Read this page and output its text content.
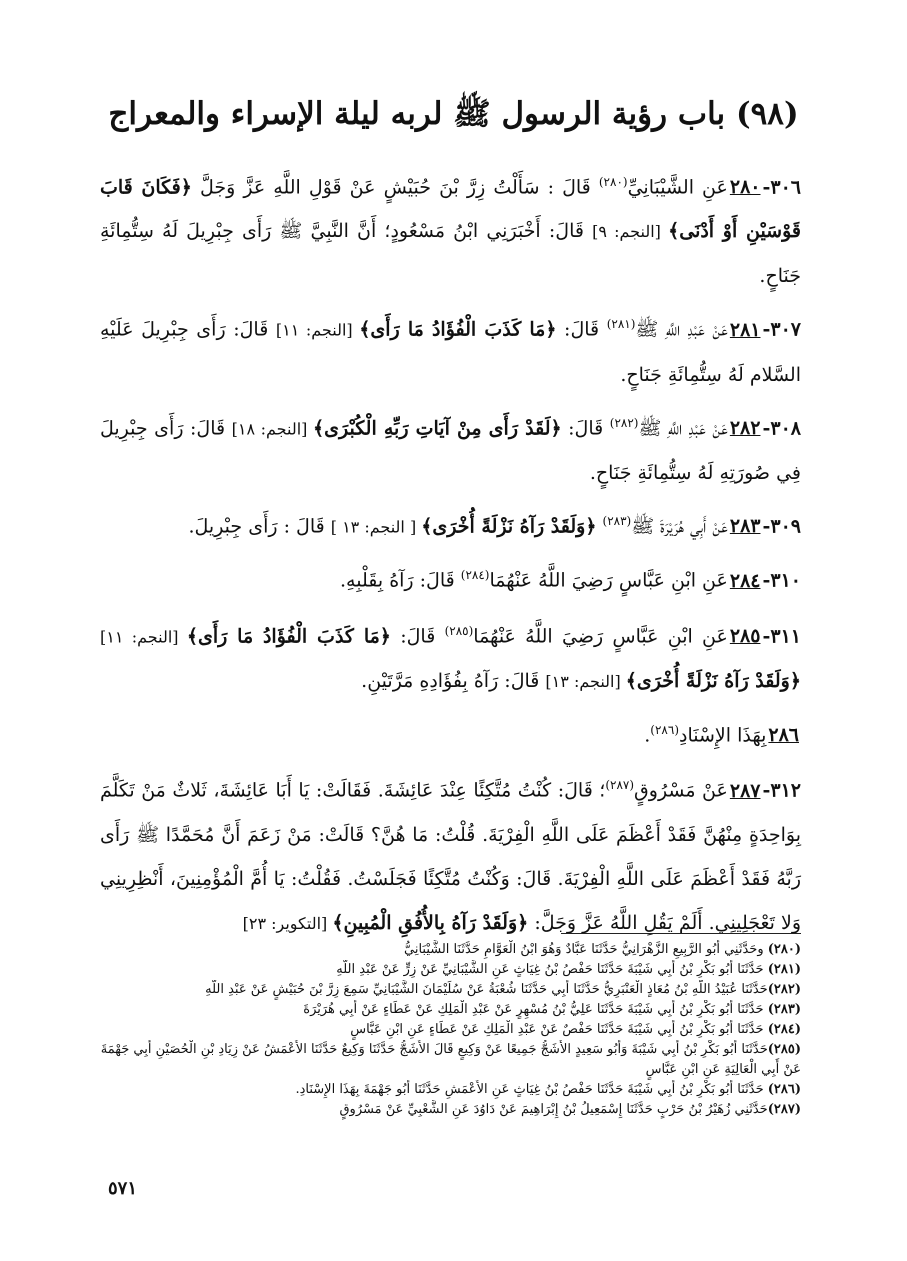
(٩٨) باب رؤية الرسول ﷺ لربه ليلة الإسراء والمعراج
٣٠٦-٢٨٠عَنِ الشَّيْبَانِيِّ$^{(٢٨٠)}$ قَالَ : سَأَلْتُ زِرَّ بْنَ حُبَيْشٍ عَنْ قَوْلِ اللَّهِ عَزَّ وَجَلَّ ﴿فَكَانَ قَابَ قَوْسَيْنِ أَوْ أَدْنَى﴾ [النجم: ٩] قَالَ: أَخْبَرَنِي ابْنُ مَسْعُودٍ؛ أَنَّ النَّبِيَّ ﷺ رَأَى جِبْرِيلَ لَهُ سِتُّمِائَةِ جَنَاحٍ.
٣٠٧-٢٨١عَنْ عَبْدِ اللَّهِ ﷺ$^{(٢٨١)}$ قَالَ: ﴿مَا كَذَبَ الْفُؤَادُ مَا رَأَى﴾ [النجم: ١١] قَالَ: رَأَى جِبْرِيلَ عَلَيْهِ السَّلام لَهُ سِتُّمِائَةِ جَنَاحٍ.
٣٠٨-٢٨٢عَنْ عَبْدِ اللَّهِ ﷺ$^{(٢٨٢)}$ قَالَ: ﴿لَقَدْ رَأَى مِنْ آيَاتِ رَبِّهِ الْكُبْرَى﴾ [النجم: ١٨] قَالَ: رَأَى جِبْرِيلَ فِي صُورَتِهِ لَهُ سِتُّمِائَةِ جَنَاحٍ.
٣٠٩-٢٨٣عَنْ أَبِي هُرَيْرَةَ ﷺ$^{(٢٨٣)}$ ﴿وَلَقَدْ رَآهُ نَزْلَةً أُخْرَى﴾ [ النجم: ١٣ ] قَالَ : رَأَى جِبْرِيلَ.
٣١٠-٢٨٤عَنِ ابْنِ عَبَّاسٍ رَضِيَ اللَّهُ عَنْهُمَا$^{(٢٨٤)}$ قَالَ: رَآهُ بِقَلْبِهِ.
٣١١-٢٨٥عَنِ ابْنِ عَبَّاسٍ رَضِيَ اللَّهُ عَنْهُمَا$^{(٢٨٥)}$ قَالَ: ﴿مَا كَذَبَ الْفُؤَادُ مَا رَأَى﴾ [النجم: ١١] ﴿وَلَقَدْ رَآهُ نَزْلَةً أُخْرَى﴾ [النجم: ١٣] قَالَ: رَآهُ بِفُؤَادِهِ مَرَّتَيْنِ.
٢٨٦بِهَذَا الإِسْنَادِ$^{(٢٨٦)}$.
٣١٢-٢٨٧عَنْ مَسْرُوقٍ$^{(٢٨٧)}$؛ قَالَ: كُنْتُ مُتَّكِئًا عِنْدَ عَائِشَةَ. فَقَالَتْ: يَا أَبَا عَائِشَةَ، ثَلاثٌ مَنْ تَكَلَّمَ بِوَاحِدَةٍ مِنْهُنَّ فَقَدْ أَعْظَمَ عَلَى اللَّهِ الْفِرْيَةَ. قُلْتُ: مَا هُنَّ؟ قَالَتْ: مَنْ زَعَمَ أَنَّ مُحَمَّدًا ﷺ رَأَى رَبَّهُ فَقَدْ أَعْظَمَ عَلَى اللَّهِ الْفِرْيَةَ. قَالَ: وَكُنْتُ مُتَّكِئًا فَجَلَسْتُ. فَقُلْتُ: يَا أُمَّ الْمُؤْمِنِينَ، أَنْظِرِينِي وَلا تَعْجَلِينِي. أَلَمْ يَقُلِ اللَّهُ عَزَّ وَجَلَّ: ﴿وَلَقَدْ رَآهُ بِالأُفُقِ الْمُبِينِ﴾ [التكوير: ٢٣]

(٢٨٠) وحَدَّثَنِي أَبُو الرَّبِيعِ الزَّهْرَانِيُّ حَدَّثَنَا عَبَّادٌ وَهُوَ ابْنُ الْعَوَّامِ حَدَّثَنَا الشَّيْبَانِيُّ

(٢٨١) حَدَّثَنَا أَبُو بَكْرِ بْنُ أَبِي شَيْبَةَ حَدَّثَنَا حَفْصُ بْنُ غِيَاثٍ عَنِ الشَّيْبَانِيِّ عَنْ زِرٍّ عَنْ عَبْدِ اللَّهِ

(٢٨٢)حَدَّثَنَا عُبَيْدُ اللَّهِ بْنُ مُعَاذٍ الْعَنْبَرِيُّ حَدَّثَنَا أَبِي حَدَّثَنَا شُعْبَةُ عَنْ سُلَيْمَانَ الشَّيْبَانِيِّ سَمِعَ زِرَّ بْنَ حُبَيْشٍ عَنْ عَبْدِ اللَّهِ

(٢٨٣) حَدَّثَنَا أَبُو بَكْرِ بْنُ أَبِي شَيْبَةَ حَدَّثَنَا عَلِيُّ بْنُ مُسْهِرٍ عَنْ عَبْدِ الْمَلِكِ عَنْ عَطَاءٍ عَنْ أَبِي هُرَيْرَةَ

(٢٨٤) حَدَّثَنَا أَبُو بَكْرِ بْنُ أَبِي شَيْبَةَ حَدَّثَنَا حَفْصٌ عَنْ عَبْدِ الْمَلِكِ عَنْ عَطَاءٍ عَنِ ابْنِ عَبَّاسٍ

(٢٨٥)حَدَّثَنَا أَبُو بَكْرِ بْنُ أَبِي شَيْبَةَ وَأَبُو سَعِيدٍ الأَشَجُّ جَمِيعًا عَنْ وَكِيعٍ قَالَ الأَشَجُّ حَدَّثَنَا وَكِيعٌ حَدَّثَنَا الأَعْمَشُ عَنْ زِيَادِ بْنِ الْحُصَيْنِ أَبِي جَهْمَةَ عَنْ أَبِي الْعَالِيَةِ عَنِ ابْنِ عَبَّاسٍ

(٢٨٦) حَدَّثَنَا أَبُو بَكْرِ بْنُ أَبِي شَيْبَةَ حَدَّثَنَا حَفْصُ بْنُ غِيَاثٍ عَنِ الأَعْمَشِ حَدَّثَنَا أَبُو جَهْمَةَ بِهَذَا الإِسْنَادِ.

(٢٨٧)حَدَّثَنِي زُهَيْرُ بْنُ حَرْبٍ حَدَّثَنَا إِسْمَعِيلُ بْنُ إِبْرَاهِيمَ عَنْ دَاوُدَ عَنِ الشَّعْبِيِّ عَنْ مَسْرُوقٍ

٥٧١
